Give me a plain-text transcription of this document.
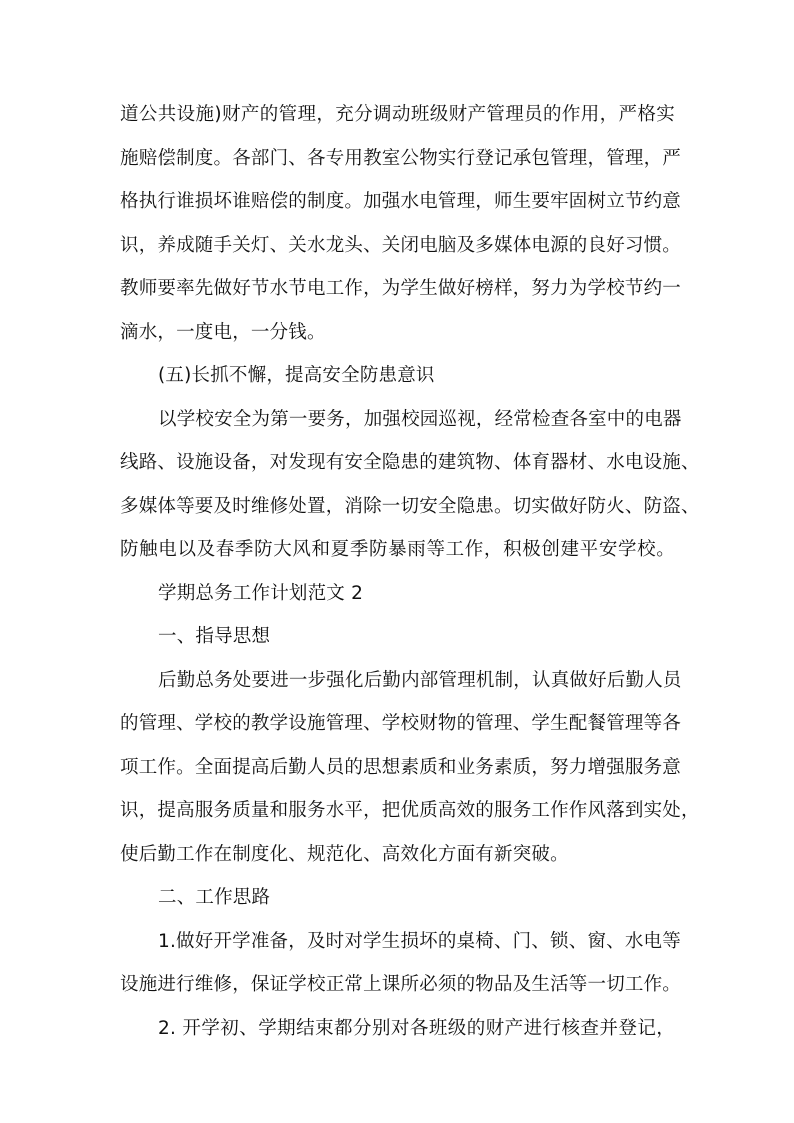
道公共设施)财产的管理，充分调动班级财产管理员的作用，严格实
施赔偿制度。各部门、各专用教室公物实行登记承包管理，管理，严
格执行谁损坏谁赔偿的制度。加强水电管理，师生要牢固树立节约意
识，养成随手关灯、关水龙头、关闭电脑及多媒体电源的良好习惯。
教师要率先做好节水节电工作，为学生做好榜样，努力为学校节约一
滴水，一度电，一分钱。
(五)长抓不懈，提高安全防患意识
以学校安全为第一要务，加强校园巡视，经常检查各室中的电器
线路、设施设备，对发现有安全隐患的建筑物、体育器材、水电设施、
多媒体等要及时维修处置，消除一切安全隐患。切实做好防火、防盗、
防触电以及春季防大风和夏季防暴雨等工作，积极创建平安学校。
学期总务工作计划范文 2
一、指导思想
后勤总务处要进一步强化后勤内部管理机制，认真做好后勤人员
的管理、学校的教学设施管理、学校财物的管理、学生配餐管理等各
项工作。全面提高后勤人员的思想素质和业务素质，努力增强服务意
识，提高服务质量和服务水平，把优质高效的服务工作作风落到实处，
使后勤工作在制度化、规范化、高效化方面有新突破。
二、工作思路
1.做好开学准备，及时对学生损坏的桌椅、门、锁、窗、水电等
设施进行维修，保证学校正常上课所必须的物品及生活等一切工作。
2. 开学初、学期结束都分别对各班级的财产进行核查并登记，
